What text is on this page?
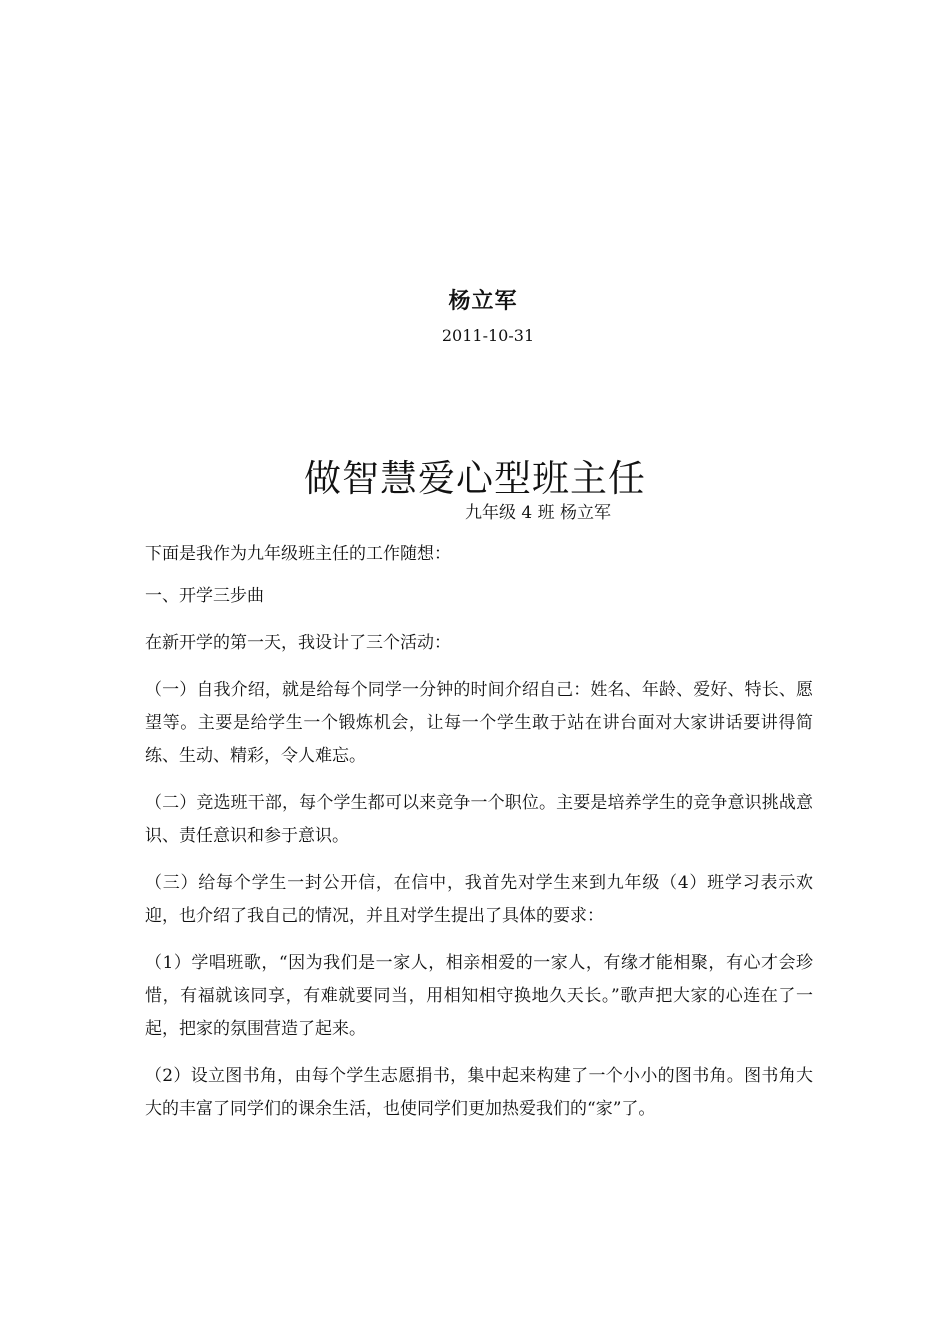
杨立军
2011-10-31
做智慧爱心型班主任
九年级 4 班 杨立军

下面是我作为九年级班主任的工作随想：

一、开学三步曲

在新开学的第一天，我设计了三个活动：

（一）自我介绍，就是给每个同学一分钟的时间介绍自己：姓名、年龄、爱好、特长、愿望等。主要是给学生一个锻炼机会，让每一个学生敢于站在讲台面对大家讲话要讲得简练、生动、精彩，令人难忘。

（二）竞选班干部，每个学生都可以来竞争一个职位。主要是培养学生的竞争意识挑战意识、责任意识和参于意识。

（三）给每个学生一封公开信，在信中，我首先对学生来到九年级（4）班学习表示欢迎，也介绍了我自己的情况，并且对学生提出了具体的要求：

（1）学唱班歌，“因为我们是一家人，相亲相爱的一家人，有缘才能相聚，有心才会珍惜，有福就该同享，有难就要同当，用相知相守换地久天长。”歌声把大家的心连在了一起，把家的氛围营造了起来。

（2）设立图书角，由每个学生志愿捐书，集中起来构建了一个小小的图书角。图书角大大的丰富了同学们的课余生活，也使同学们更加热爱我们的“家”了。
